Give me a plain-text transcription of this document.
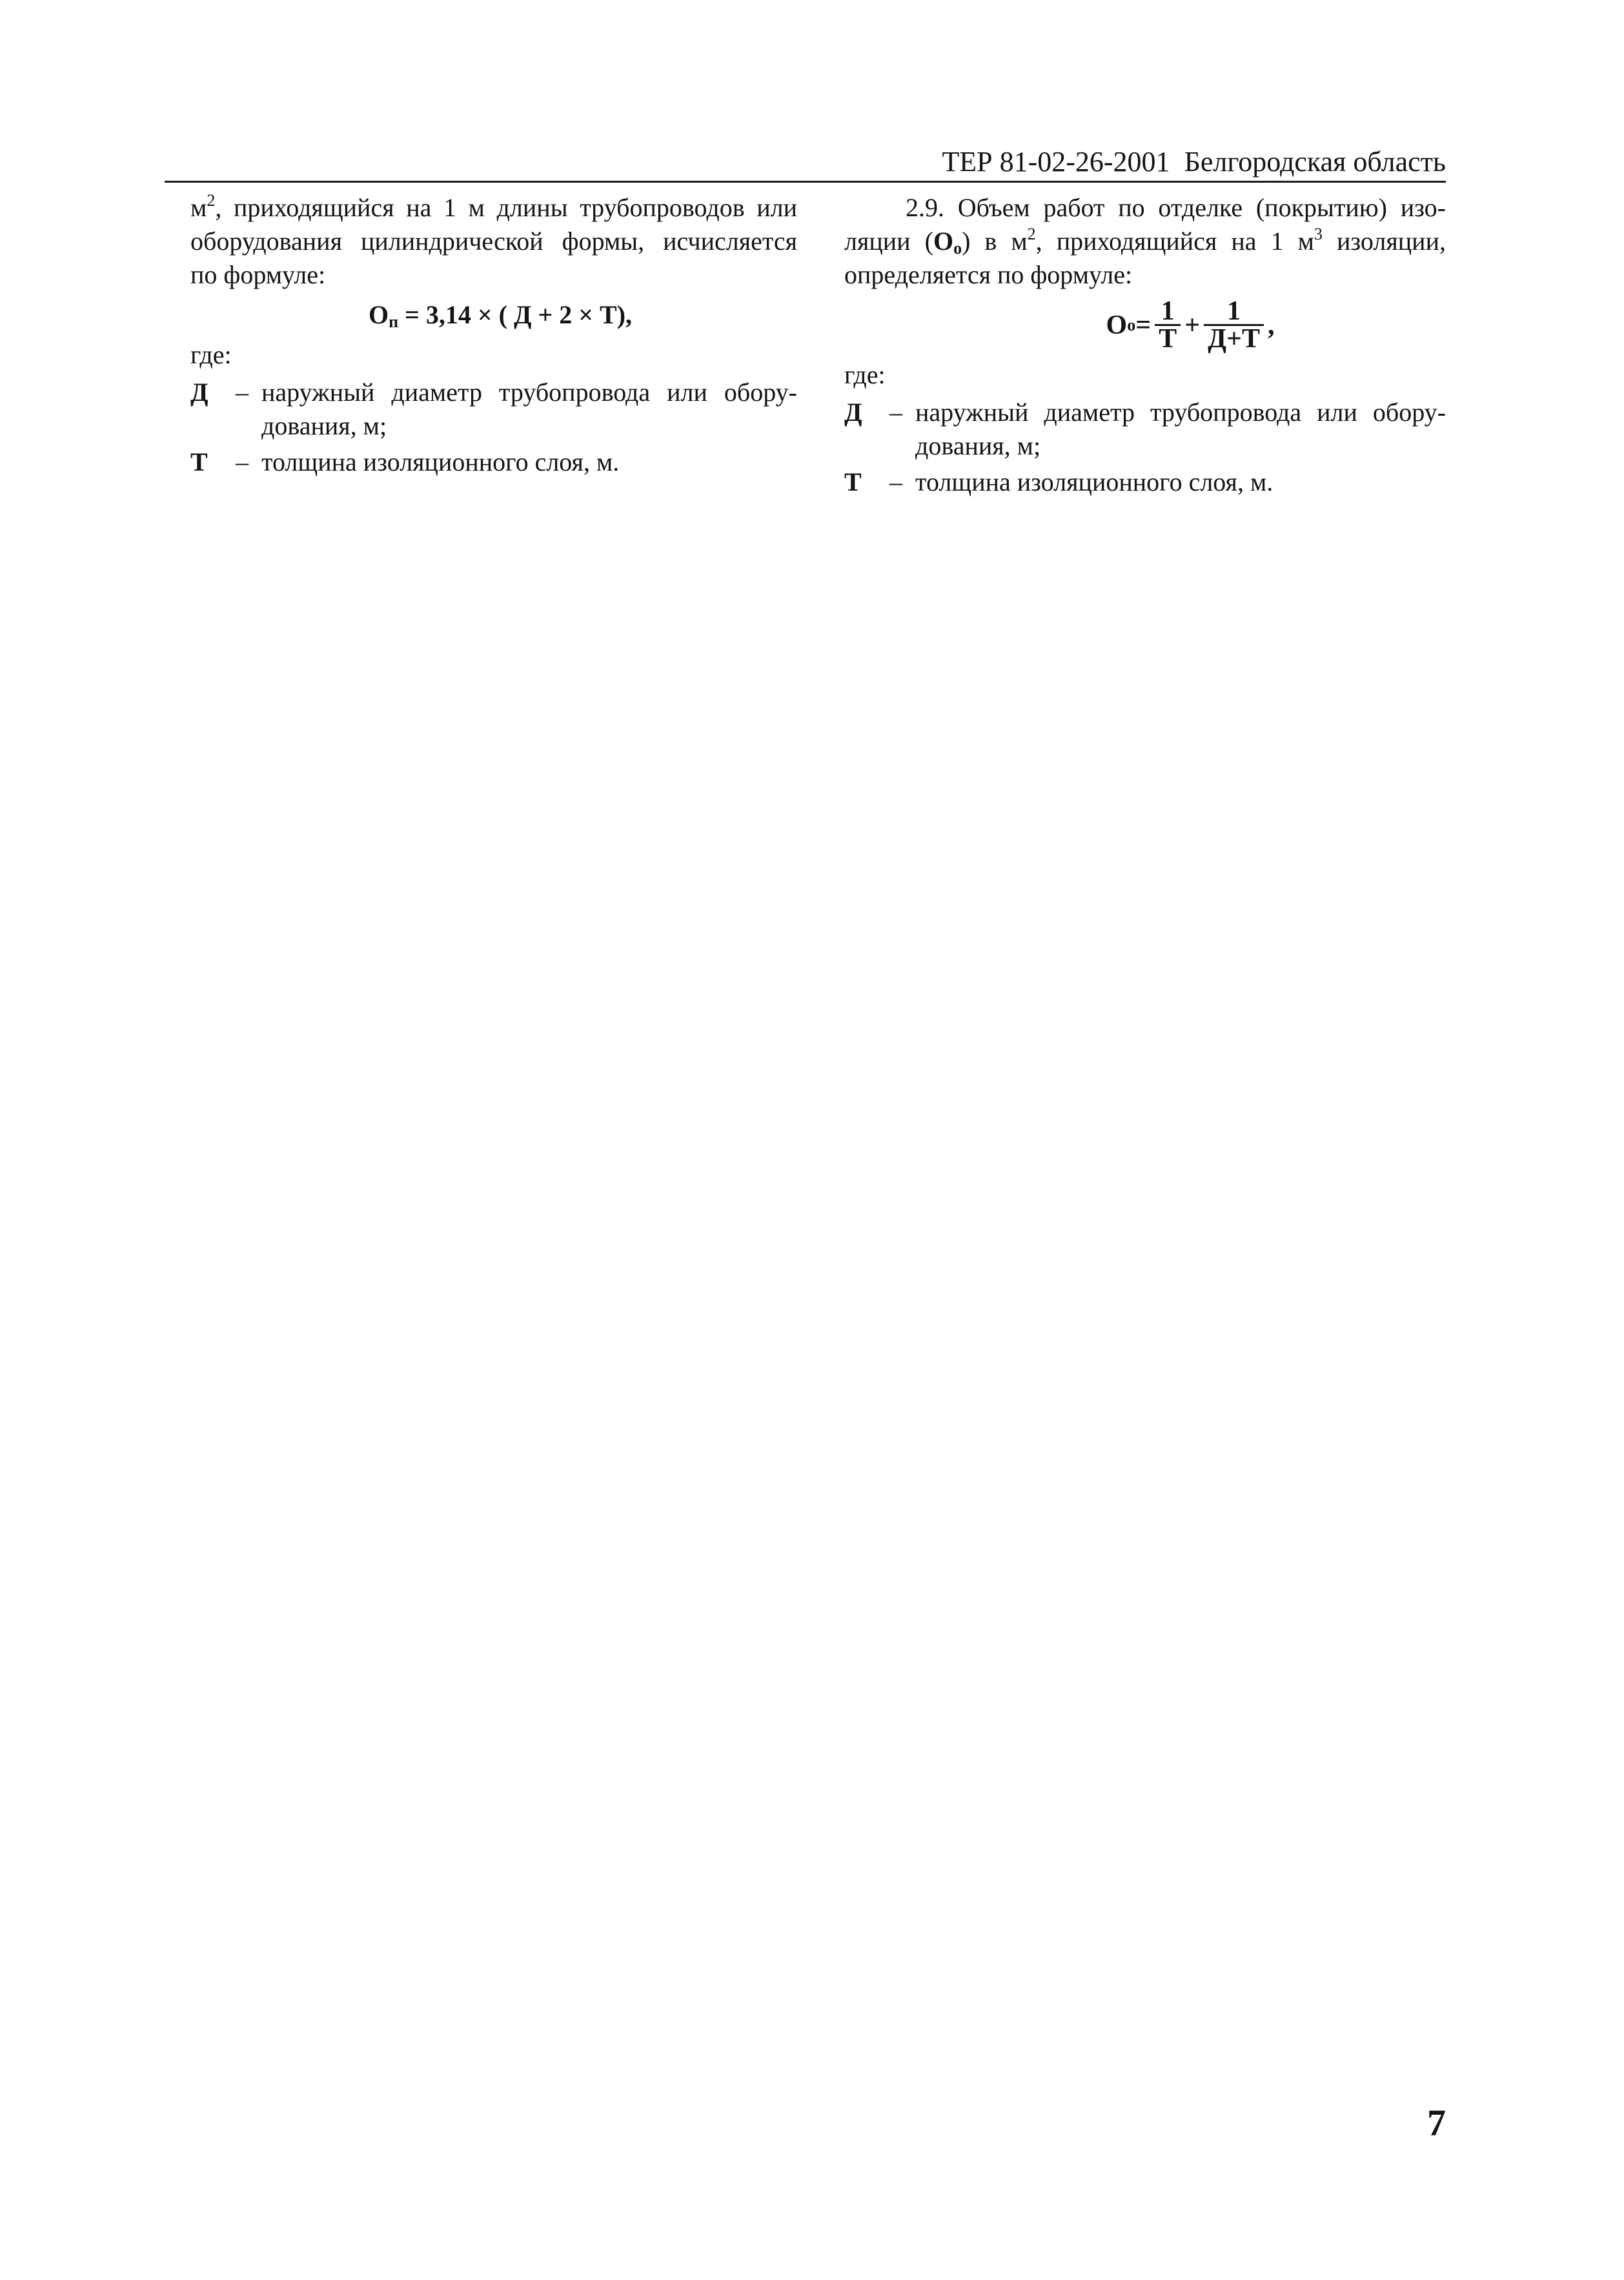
ТЕР 81-02-26-2001 Белгородская область
$м^2$, приходящийся на 1 м длины трубопроводов или
оборудования цилиндрической формы, исчисляется
по формуле:
$О_п = 3,14$ × ( Д + 2 × Т),
где:
Д	– наружный диаметр трубопровода или обору-
дования, м;
Т	– толщина изоляционного слоя, м.
2.9. Объем работ по отделке (покрытию) изо-
ляции $(О_о)$ в $м^2$, приходящийся на 1 $м^3$ изоляции,
определяется по формуле:
О $о = \frac{1}{Т} + \frac{1}{Д+Т}$ ,
где:
Д	– наружный диаметр трубопровода или обору-
дования, м;
Т	– толщина изоляционного слоя, м.
7
